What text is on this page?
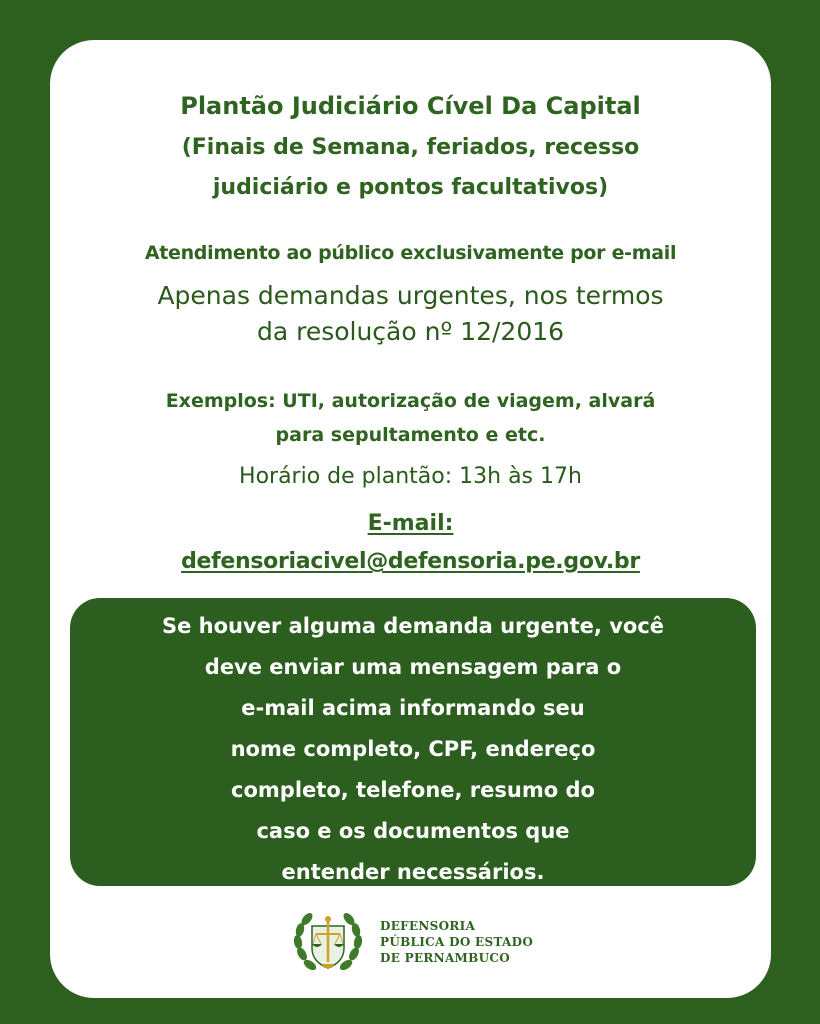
Plantão Judiciário Cível Da Capital
(Finais de Semana, feriados, recesso
judiciário e pontos facultativos)
Atendimento ao público exclusivamente por e-mail
Apenas demandas urgentes, nos termos
da resolução nº 12/2016
Exemplos: UTI, autorização de viagem, alvará
para sepultamento e etc.
Horário de plantão: 13h às 17h
E-mail:
defensoriacivel@defensoria.pe.gov.br

Se houver alguma demanda urgente, você
deve enviar uma mensagem para o
e-mail acima informando seu
nome completo, CPF, endereço
completo, telefone, resumo do
caso e os documentos que
entender necessários.

DEFENSORIA
PÚBLICA DO ESTADO
DE PERNAMBUCO
